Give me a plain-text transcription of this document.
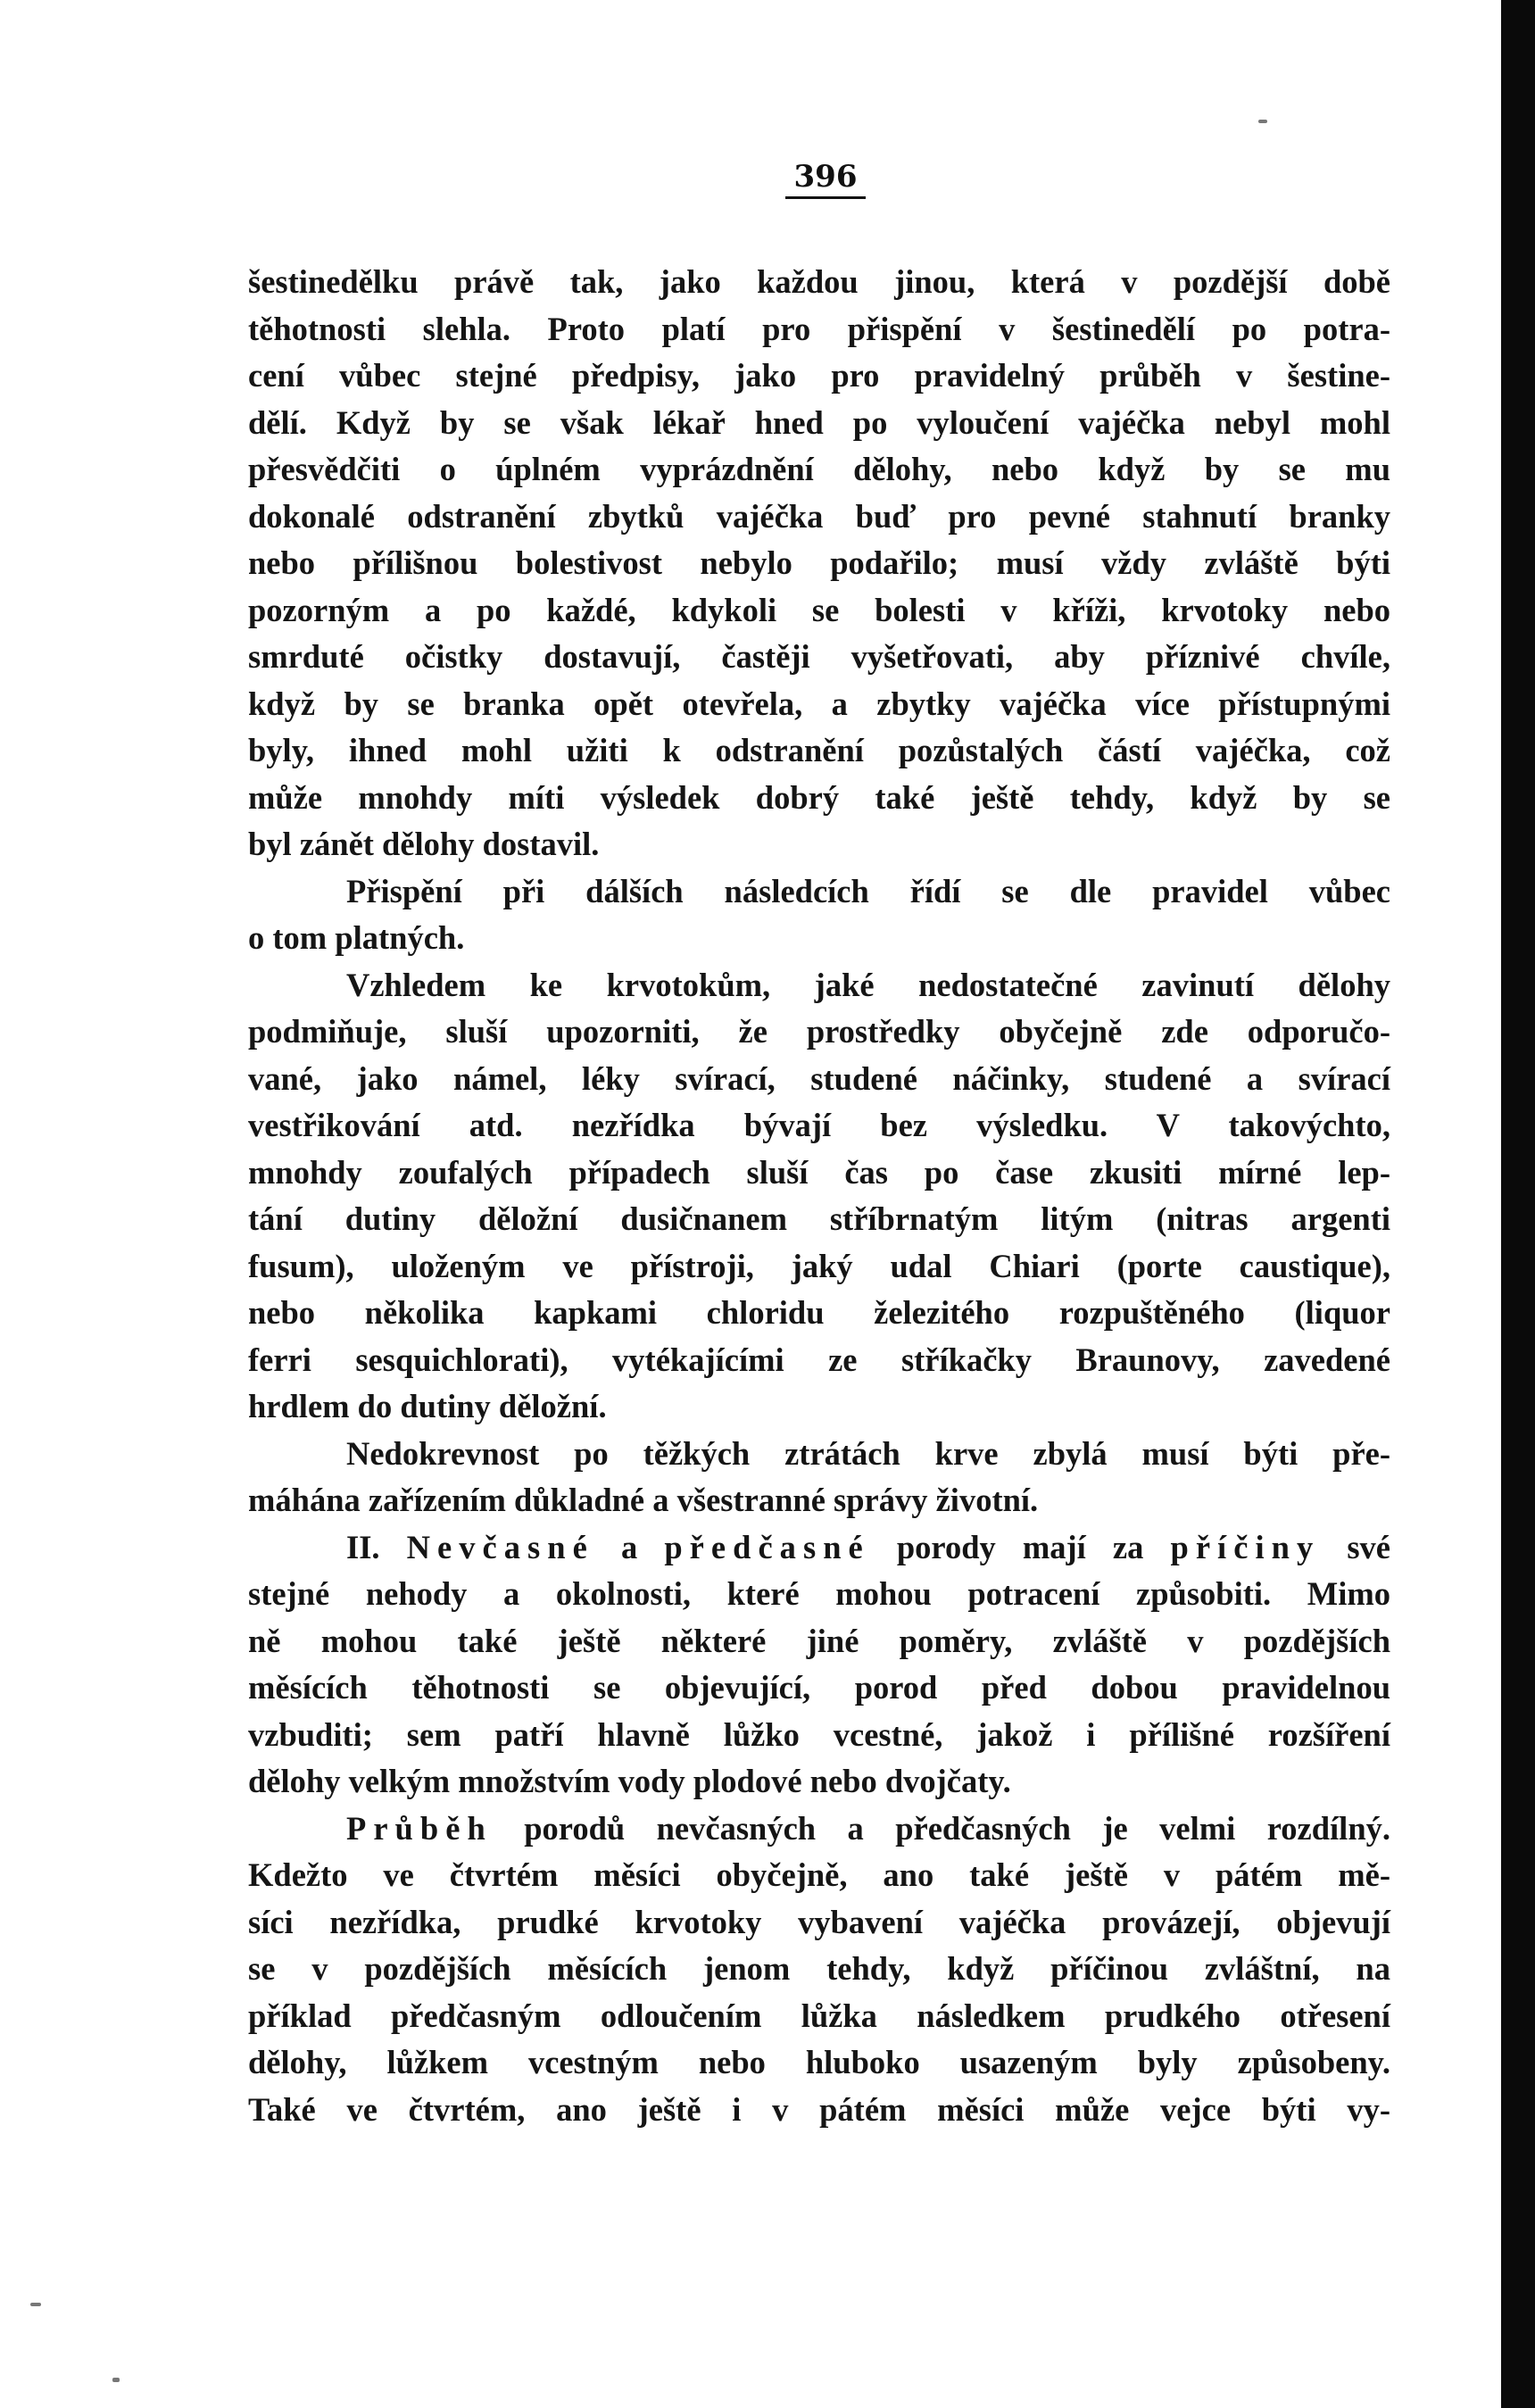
396
šestinedělku právě tak, jako každou jinou, která v pozdější době
těhotnosti slehla. Proto platí pro přispění v šestinedělí po potra-
cení vůbec stejné předpisy, jako pro pravidelný průběh v šestine-
dělí. Když by se však lékař hned po vyloučení vajéčka nebyl mohl
přesvědčiti o úplném vyprázdnění dělohy, nebo když by se mu
dokonalé odstranění zbytků vajéčka buď pro pevné stahnutí branky
nebo přílišnou bolestivost nebylo podařilo; musí vždy zvláště býti
pozorným a po každé, kdykoli se bolesti v kříži, krvotoky nebo
smrduté očistky dostavují, častěji vyšetřovati, aby příznivé chvíle,
když by se branka opět otevřela, a zbytky vajéčka více přístupnými
byly, ihned mohl užiti k odstranění pozůstalých částí vajéčka, což
může mnohdy míti výsledek dobrý také ještě tehdy, když by se
byl zánět dělohy dostavil.
Přispění při dálších následcích řídí se dle pravidel vůbec
o tom platných.
Vzhledem ke krvotokům, jaké nedostatečné zavinutí dělohy
podmiňuje, sluší upozorniti, že prostředky obyčejně zde odporučo-
vané, jako námel, léky svírací, studené náčinky, studené a svírací
vestřikování atd. nezřídka bývají bez výsledku. V takovýchto,
mnohdy zoufalých případech sluší čas po čase zkusiti mírné lep-
tání dutiny děložní dusičnanem stříbrnatým litým (nitras argenti
fusum), uloženým ve přístroji, jaký udal Chiari (porte caustique),
nebo několika kapkami chloridu železitého rozpuštěného (liquor
ferri sesquichlorati), vytékajícími ze stříkačky Braunovy, zavedené
hrdlem do dutiny děložní.
Nedokrevnost po těžkých ztrátách krve zbylá musí býti pře-
máhána zařízením důkladné a všestranné správy životní.
II. Nevčasné a předčasné porody mají za příčiny své
stejné nehody a okolnosti, které mohou potracení způsobiti. Mimo
ně mohou také ještě některé jiné poměry, zvláště v pozdějších
měsících těhotnosti se objevující, porod před dobou pravidelnou
vzbuditi; sem patří hlavně lůžko vcestné, jakož i přílišné rozšíření
dělohy velkým množstvím vody plodové nebo dvojčaty.
Průběh porodů nevčasných a předčasných je velmi rozdílný.
Kdežto ve čtvrtém měsíci obyčejně, ano také ještě v pátém mě-
síci nezřídka, prudké krvotoky vybavení vajéčka provázejí, objevují
se v pozdějších měsících jenom tehdy, když příčinou zvláštní, na
příklad předčasným odloučením lůžka následkem prudkého otřesení
dělohy, lůžkem vcestným nebo hluboko usazeným byly způsobeny.
Také ve čtvrtém, ano ještě i v pátém měsíci může vejce býti vy-
